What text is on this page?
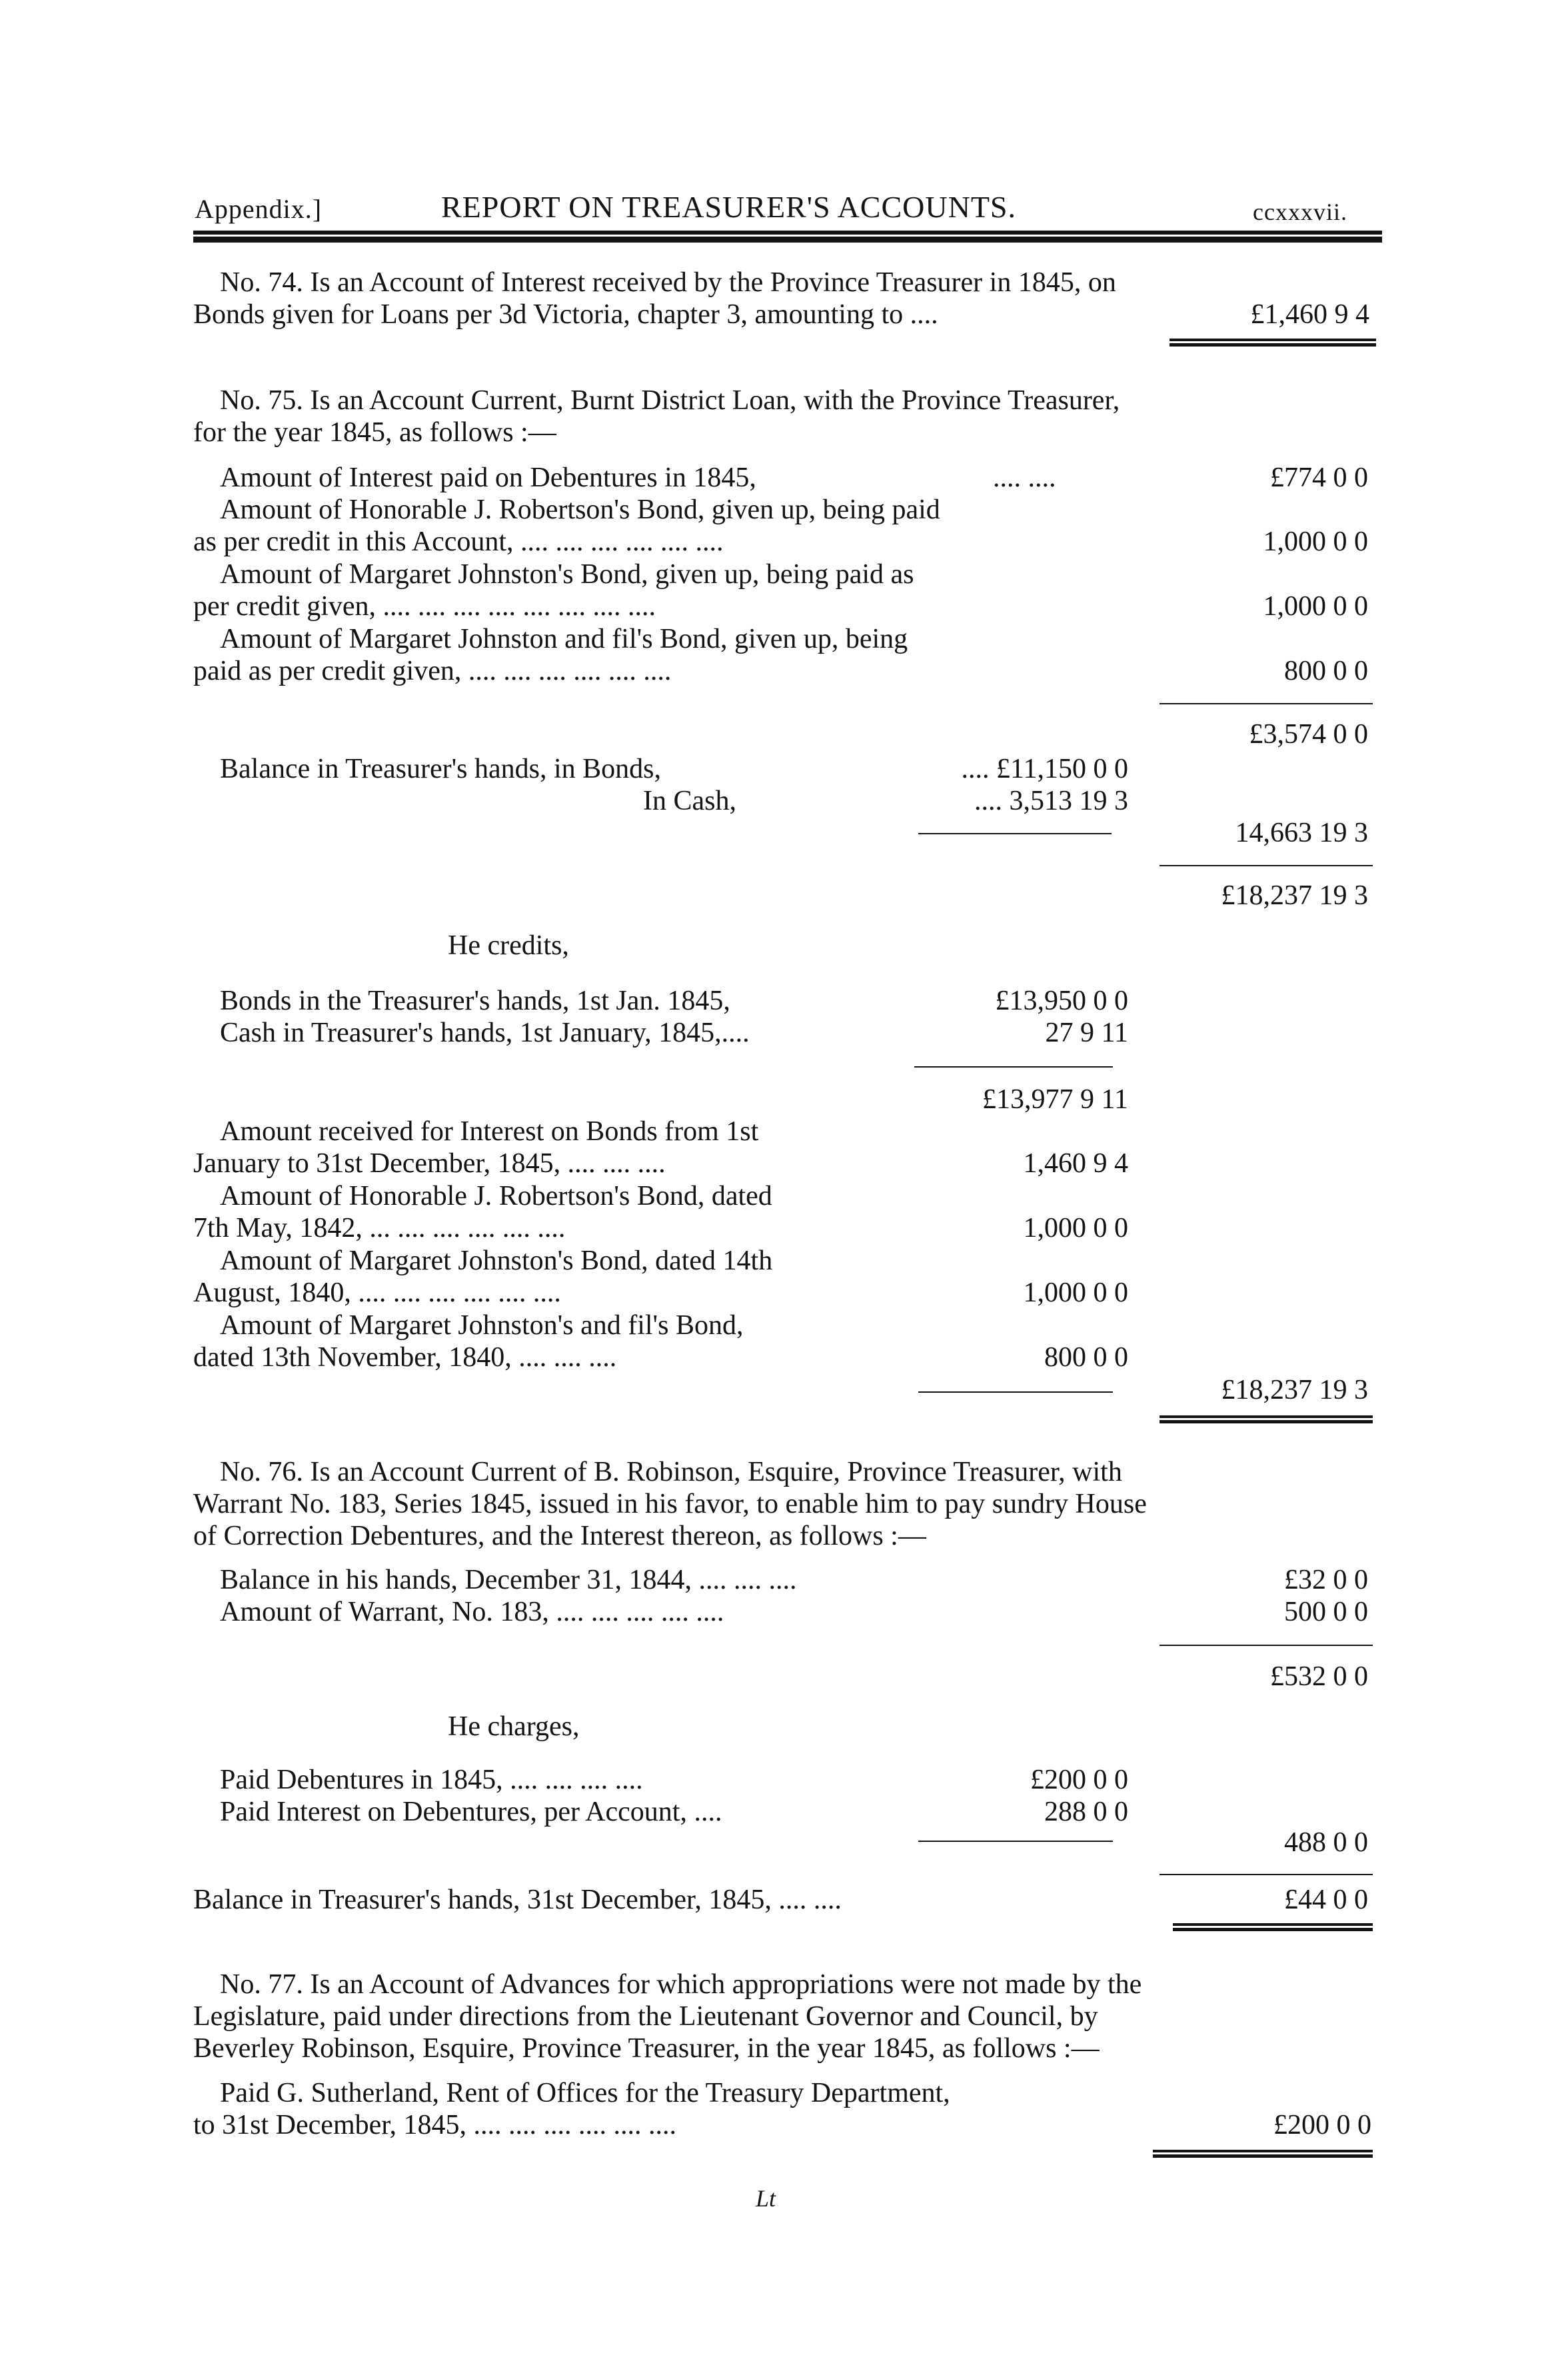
Appendix.]	REPORT ON TREASURER'S ACCOUNTS.	ccxxxvii.
No. 74. Is an Account of Interest received by the Province Treasurer in 1845, on
Bonds given for Loans per 3d Victoria, chapter 3, amounting to ....	£1,460 9 4
No. 75. Is an Account Current, Burnt District Loan, with the Province Treasurer,
for the year 1845, as follows :—
Amount of Interest paid on Debentures in 1845,	.... ....	£774 0 0
Amount of Honorable J. Robertson's Bond, given up, being paid
as per credit in this Account, .... .... .... .... .... ....	1,000 0 0
Amount of Margaret Johnston's Bond, given up, being paid as
per credit given, .... .... .... .... .... .... .... ....	1,000 0 0
Amount of Margaret Johnston and fil's Bond, given up, being
paid as per credit given, .... .... .... .... .... ....	800 0 0
£3,574 0 0
Balance in Treasurer's hands, in Bonds,	.... £11,150 0 0
In Cash,	.... 3,513 19 3
14,663 19 3
£18,237 19 3
He credits,
Bonds in the Treasurer's hands, 1st Jan. 1845,	£13,950 0 0
Cash in Treasurer's hands, 1st January, 1845,....	27 9 11
£13,977 9 11
Amount received for Interest on Bonds from 1st
January to 31st December, 1845, .... .... ....	1,460 9 4
Amount of Honorable J. Robertson's Bond, dated
7th May, 1842, ... .... .... .... .... ....	1,000 0 0
Amount of Margaret Johnston's Bond, dated 14th
August, 1840, .... .... .... .... .... ....	1,000 0 0
Amount of Margaret Johnston's and fil's Bond,
dated 13th November, 1840, .... .... ....	800 0 0
£18,237 19 3
No. 76. Is an Account Current of B. Robinson, Esquire, Province Treasurer, with
Warrant No. 183, Series 1845, issued in his favor, to enable him to pay sundry House
of Correction Debentures, and the Interest thereon, as follows :—
Balance in his hands, December 31, 1844, .... .... ....	£32 0 0
Amount of Warrant, No. 183, .... .... .... .... ....	500 0 0
£532 0 0
He charges,
Paid Debentures in 1845, .... .... .... ....	£200 0 0
Paid Interest on Debentures, per Account, ....	288 0 0
488 0 0
Balance in Treasurer's hands, 31st December, 1845, .... ....	£44 0 0
No. 77. Is an Account of Advances for which appropriations were not made by the
Legislature, paid under directions from the Lieutenant Governor and Council, by
Beverley Robinson, Esquire, Province Treasurer, in the year 1845, as follows :—
Paid G. Sutherland, Rent of Offices for the Treasury Department,
to 31st December, 1845, .... .... .... .... .... ....	£200 0 0
Lt
